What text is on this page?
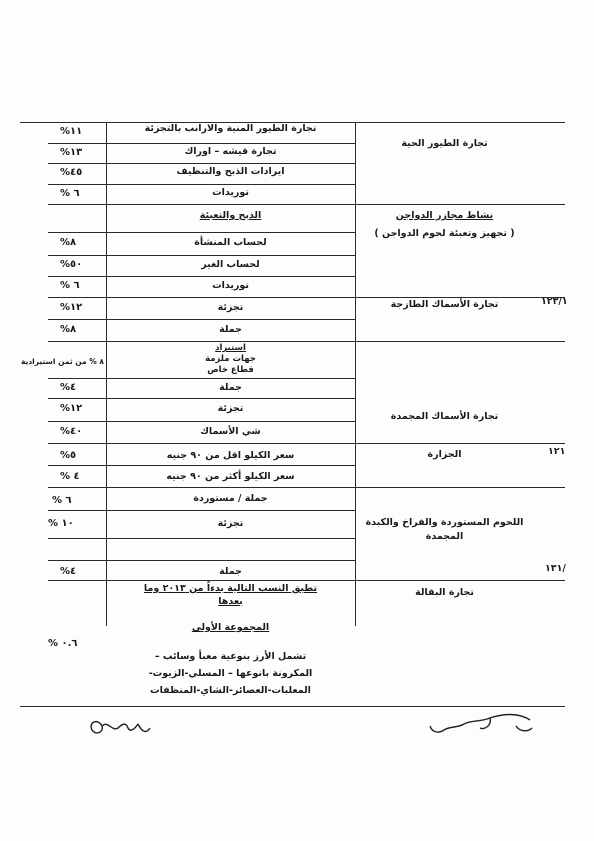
%١١
%١٣
%٤٥
% ٦
%٨
%٥٠
% ٦
%١٢
%٨
٨ % من ثمن استيرادية
%٤
%١٢
%٤٠
%٥
% ٤
% ٦
% ١٠
%٤
% ٠.٦
تجارة الطيور المنية والارانب بالتجزئة
تجارة قيشه – اوراك
ايرادات الذبح والتنظيف
توريدات
الذبح والتعبئة
لحساب المنشأة
لحساب الغير
توريدات
تجزئة
جملة
استيراد
جهات ملزمة
قطاع خاص
جملة
تجزئة
شي الأسماك
سعر الكيلو اقل من ٩٠ جنيه
سعر الكيلو أكثر من ٩٠ جنيه
جملة / مستوردة
تجزئة
جملة
تطبق النسب التالية بدءاً من ٢٠١٣ وما
بعدها
المجموعة الأولى
تشمل الأرز بنوعية معبأ وسائب –
المكرونة بانوعها – المسلي-الزيوت-
المعلبات-العصائر-الشاي-المنظفات
تجارة الطيور الحية
نشاط مجازر الدواجن
( تجهيز وتعبئة لحوم الدواجن )
تجارة الأسماك الطازجة
تجارة الأسماك المجمدة
الجزارة
اللحوم المستوردة والفراخ والكبدة
المجمدة
تجارة البقالة
١٢٣/١
١٢١
١٣١/
